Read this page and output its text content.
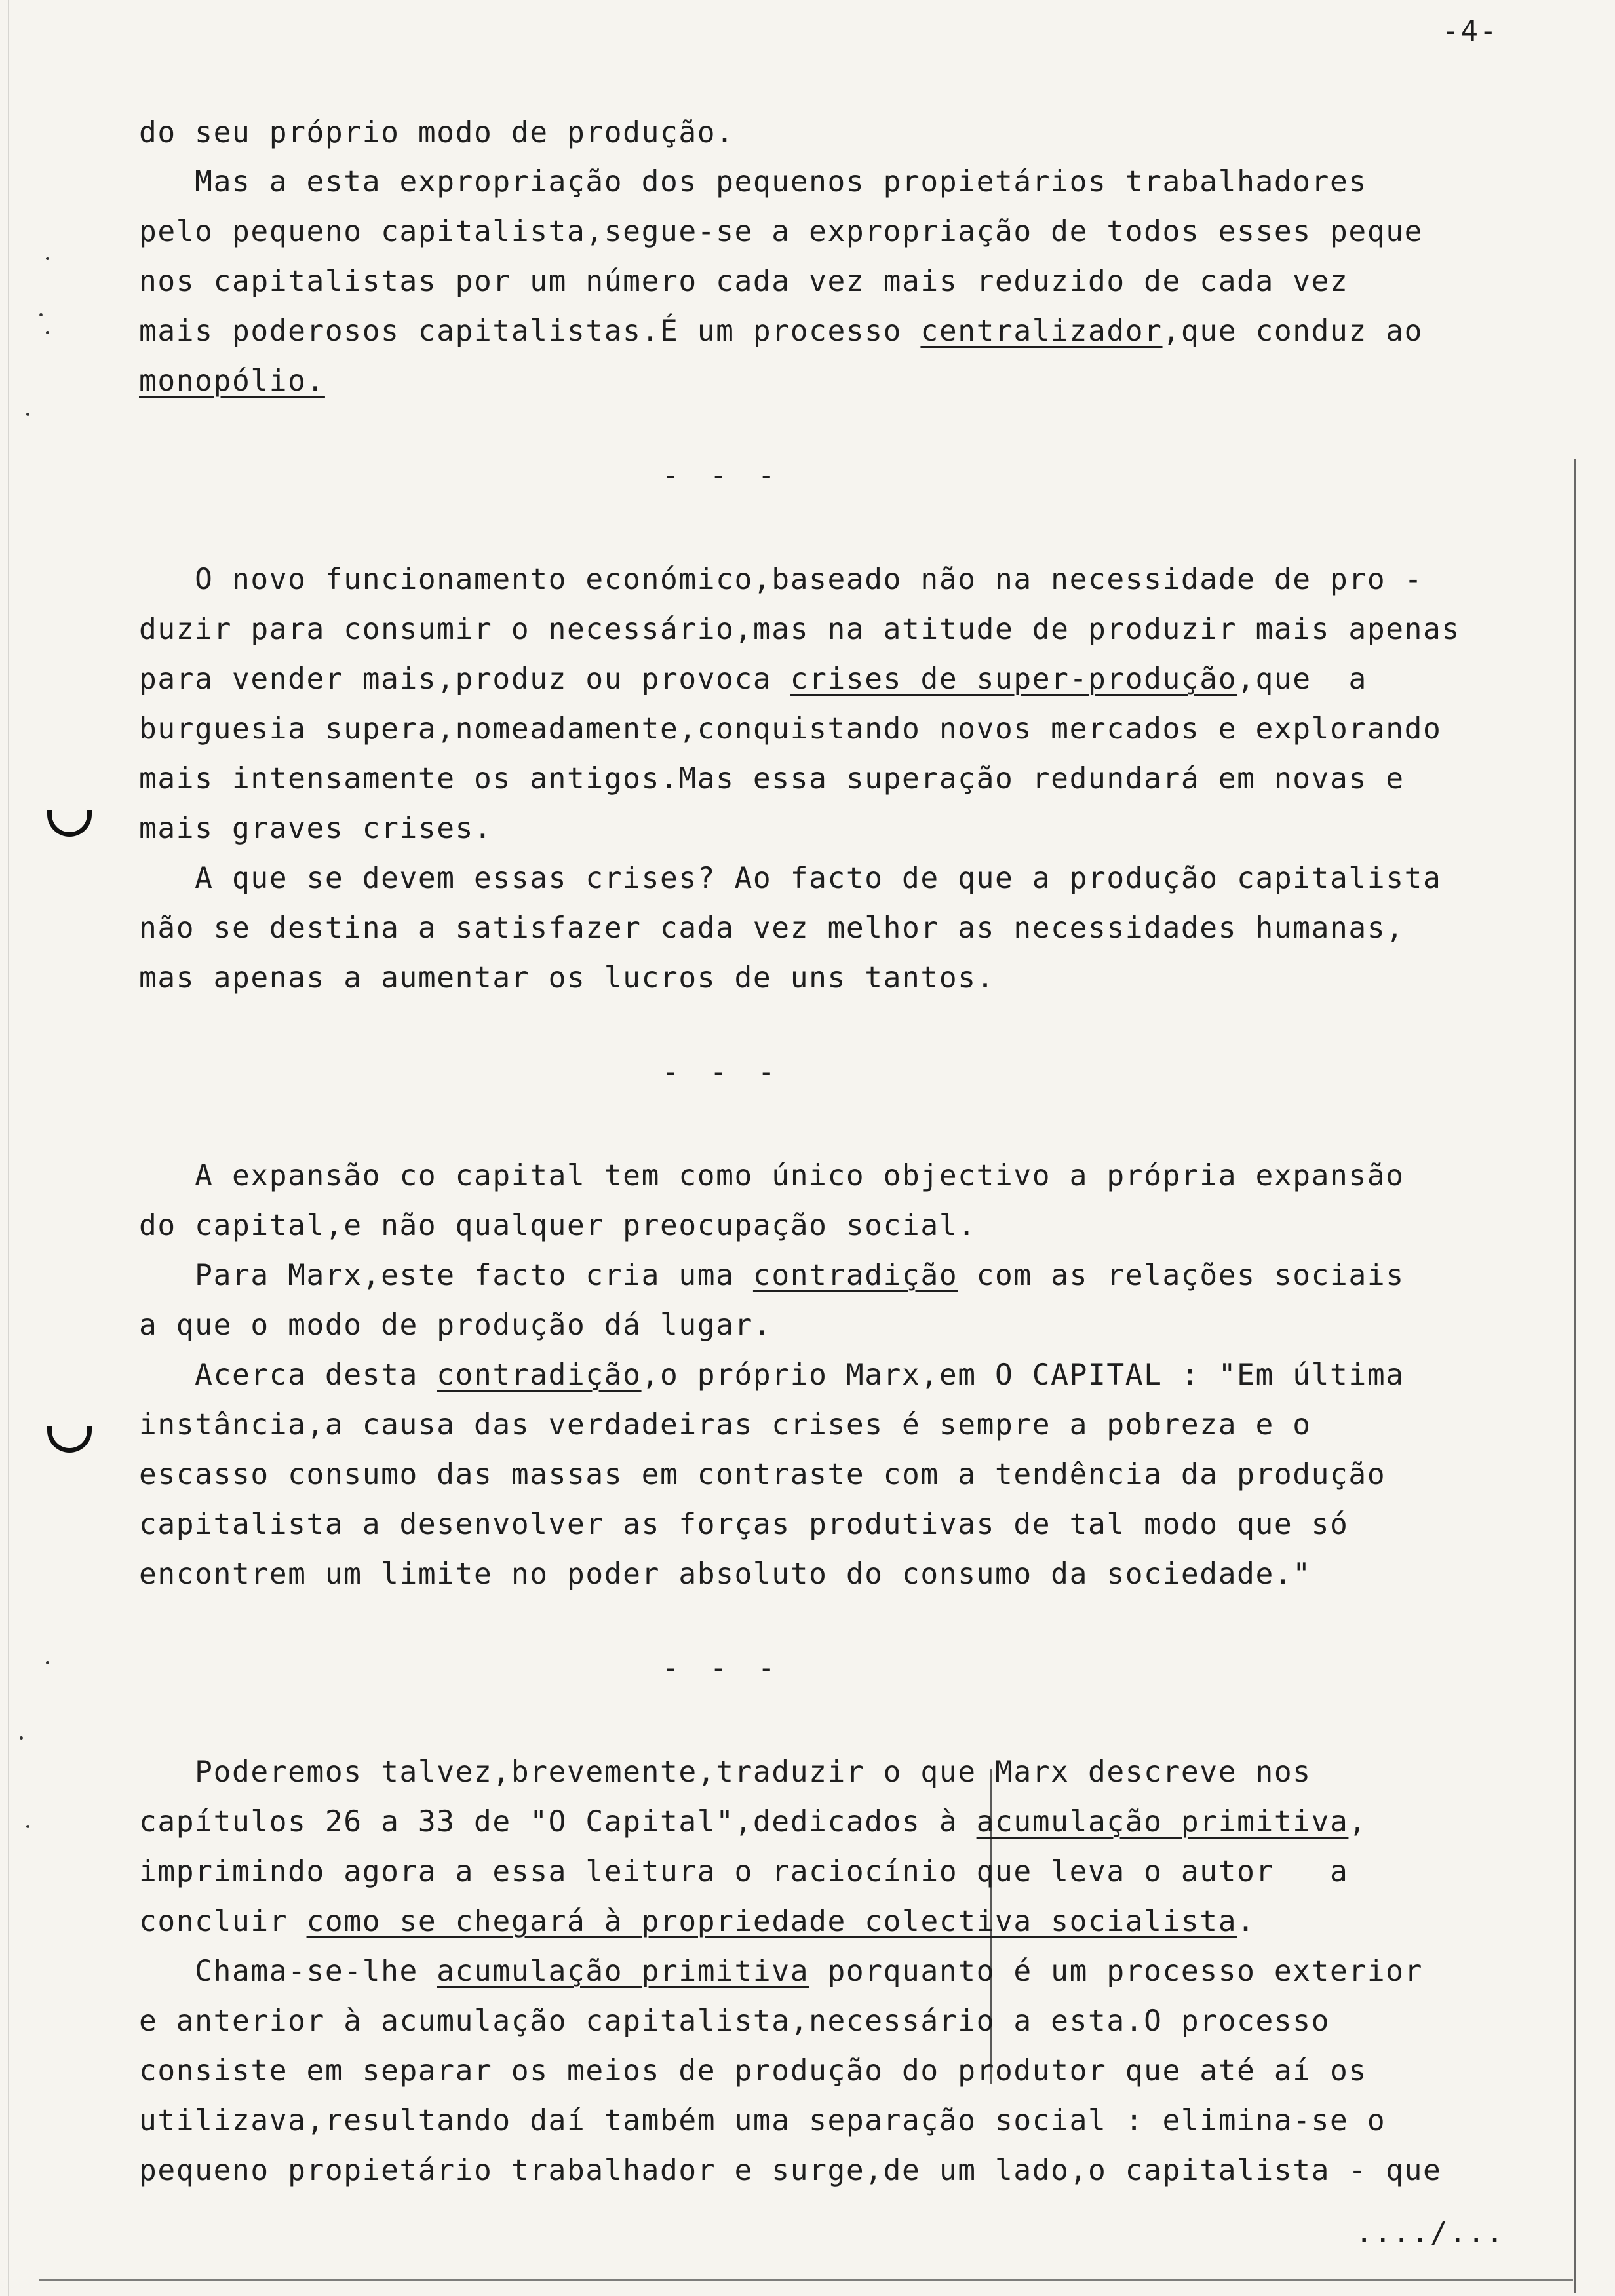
-4-
do seu próprio modo de produção.
Mas a esta expropriação dos pequenos propietários trabalhadores
pelo pequeno capitalista,segue-se a expropriação de todos esses peque
nos capitalistas por um número cada vez mais reduzido de cada vez
mais poderosos capitalistas.É um processo centralizador,que conduz ao
monopólio.
- - -
O novo funcionamento económico,baseado não na necessidade de pro -
duzir para consumir o necessário,mas na atitude de produzir mais apenas
para vender mais,produz ou provoca crises de super-produção,que  a
burguesia supera,nomeadamente,conquistando novos mercados e explorando
mais intensamente os antigos.Mas essa superação redundará em novas e
mais graves crises.
A que se devem essas crises? Ao facto de que a produção capitalista
não se destina a satisfazer cada vez melhor as necessidades humanas,
mas apenas a aumentar os lucros de uns tantos.
- - -
A expansão co capital tem como único objectivo a própria expansão
do capital,e não qualquer preocupação social.
Para Marx,este facto cria uma contradição com as relações sociais
a que o modo de produção dá lugar.
Acerca desta contradição,o próprio Marx,em O CAPITAL : "Em última
instância,a causa das verdadeiras crises é sempre a pobreza e o
escasso consumo das massas em contraste com a tendência da produção
capitalista a desenvolver as forças produtivas de tal modo que só
encontrem um limite no poder absoluto do consumo da sociedade."
- - -
Poderemos talvez,brevemente,traduzir o que Marx descreve nos
capítulos 26 a 33 de "O Capital",dedicados à acumulação primitiva,
imprimindo agora a essa leitura o raciocínio que leva o autor   a
concluir como se chegará à propriedade colectiva socialista.
Chama-se-lhe acumulação primitiva porquanto é um processo exterior
e anterior à acumulação capitalista,necessário a esta.O processo
consiste em separar os meios de produção do produtor que até aí os
utilizava,resultando daí também uma separação social : elimina-se o
pequeno propietário trabalhador e surge,de um lado,o capitalista - que
..../...
